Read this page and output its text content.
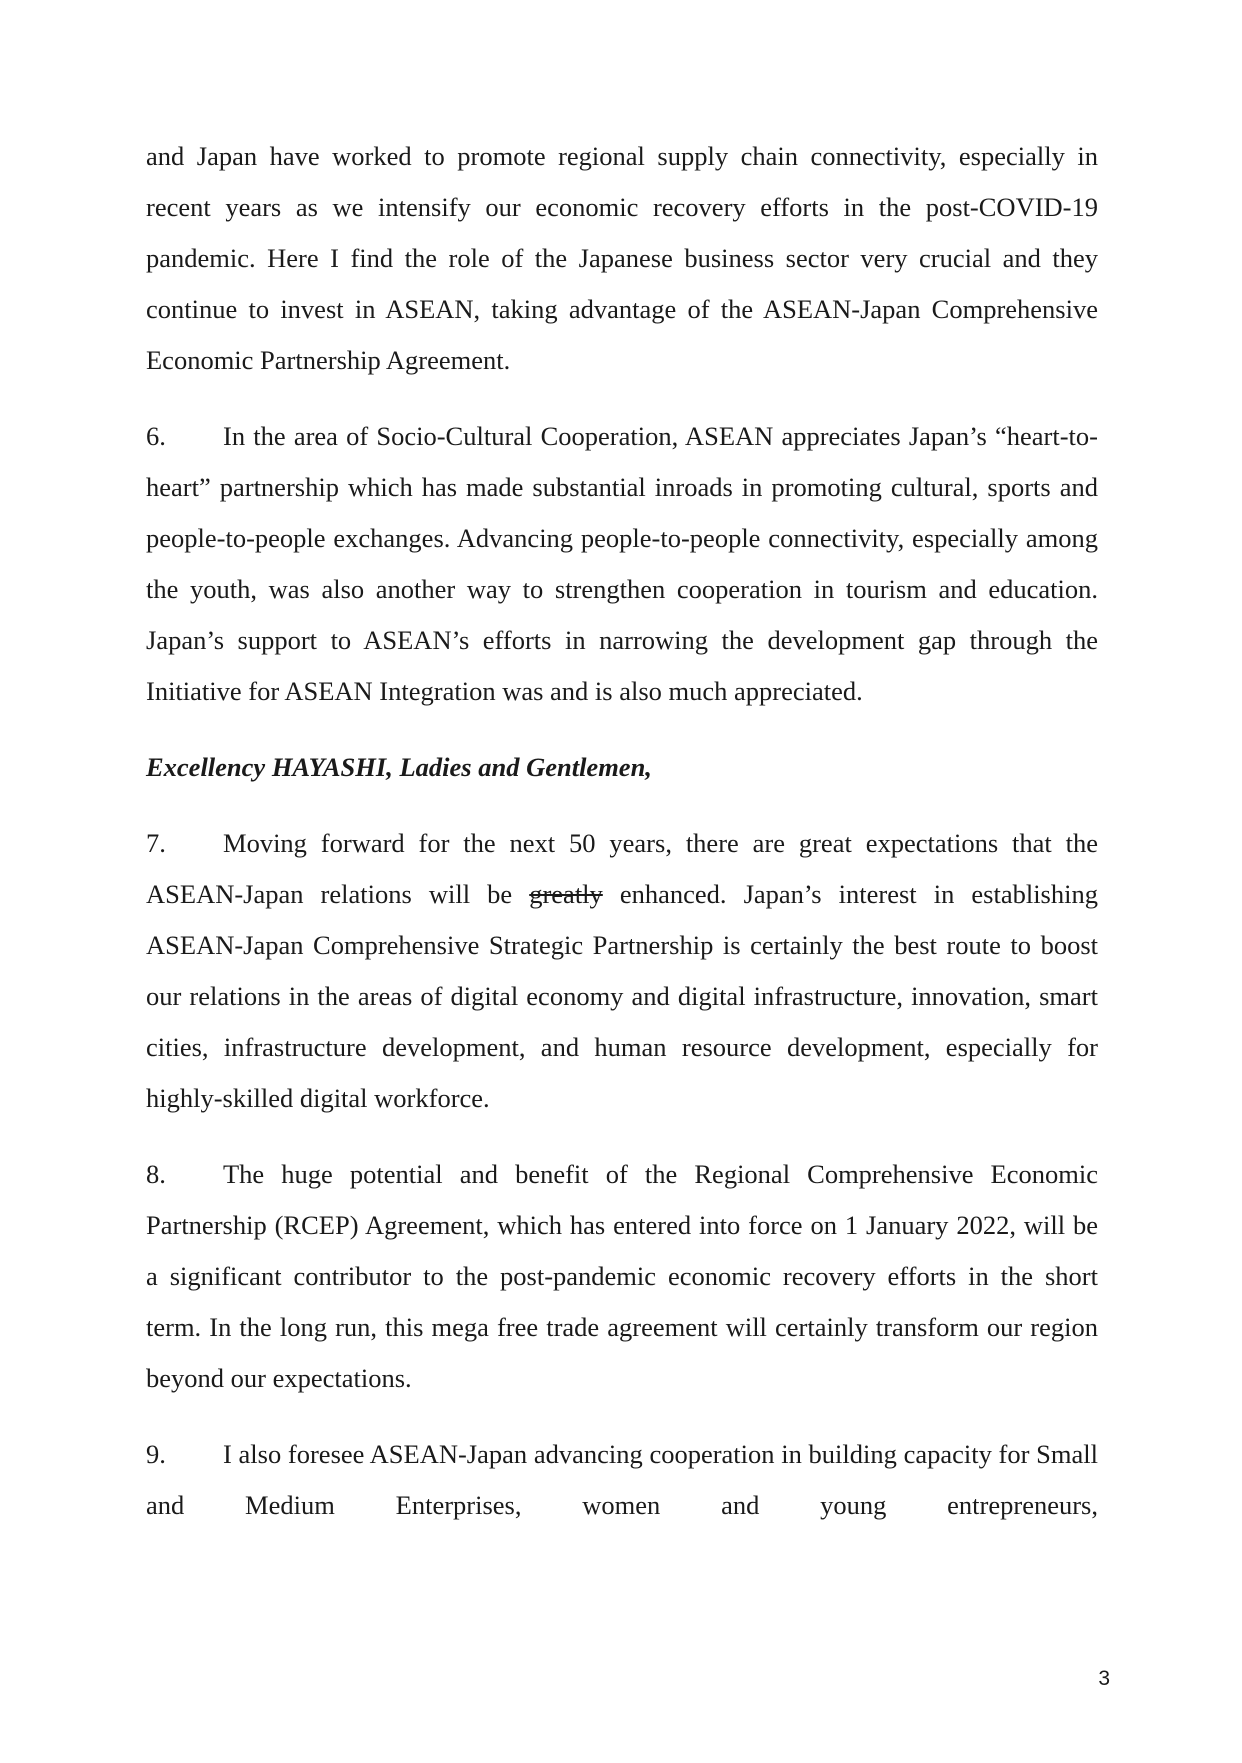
and Japan have worked to promote regional supply chain connectivity, especially in recent years as we intensify our economic recovery efforts in the post-COVID-19 pandemic. Here I find the role of the Japanese business sector very crucial and they continue to invest in ASEAN, taking advantage of the ASEAN-Japan Comprehensive Economic Partnership Agreement.

6. In the area of Socio-Cultural Cooperation, ASEAN appreciates Japan’s “heart-to-heart” partnership which has made substantial inroads in promoting cultural, sports and people-to-people exchanges. Advancing people-to-people connectivity, especially among the youth, was also another way to strengthen cooperation in tourism and education. Japan’s support to ASEAN’s efforts in narrowing the development gap through the Initiative for ASEAN Integration was and is also much appreciated.

Excellency HAYASHI, Ladies and Gentlemen,

7. Moving forward for the next 50 years, there are great expectations that the ASEAN-Japan relations will be greatly enhanced. Japan’s interest in establishing ASEAN-Japan Comprehensive Strategic Partnership is certainly the best route to boost our relations in the areas of digital economy and digital infrastructure, innovation, smart cities, infrastructure development, and human resource development, especially for highly-skilled digital workforce.

8. The huge potential and benefit of the Regional Comprehensive Economic Partnership (RCEP) Agreement, which has entered into force on 1 January 2022, will be a significant contributor to the post-pandemic economic recovery efforts in the short term. In the long run, this mega free trade agreement will certainly transform our region beyond our expectations.

9. I also foresee ASEAN-Japan advancing cooperation in building capacity for Small and Medium Enterprises, women and young entrepreneurs,

3
